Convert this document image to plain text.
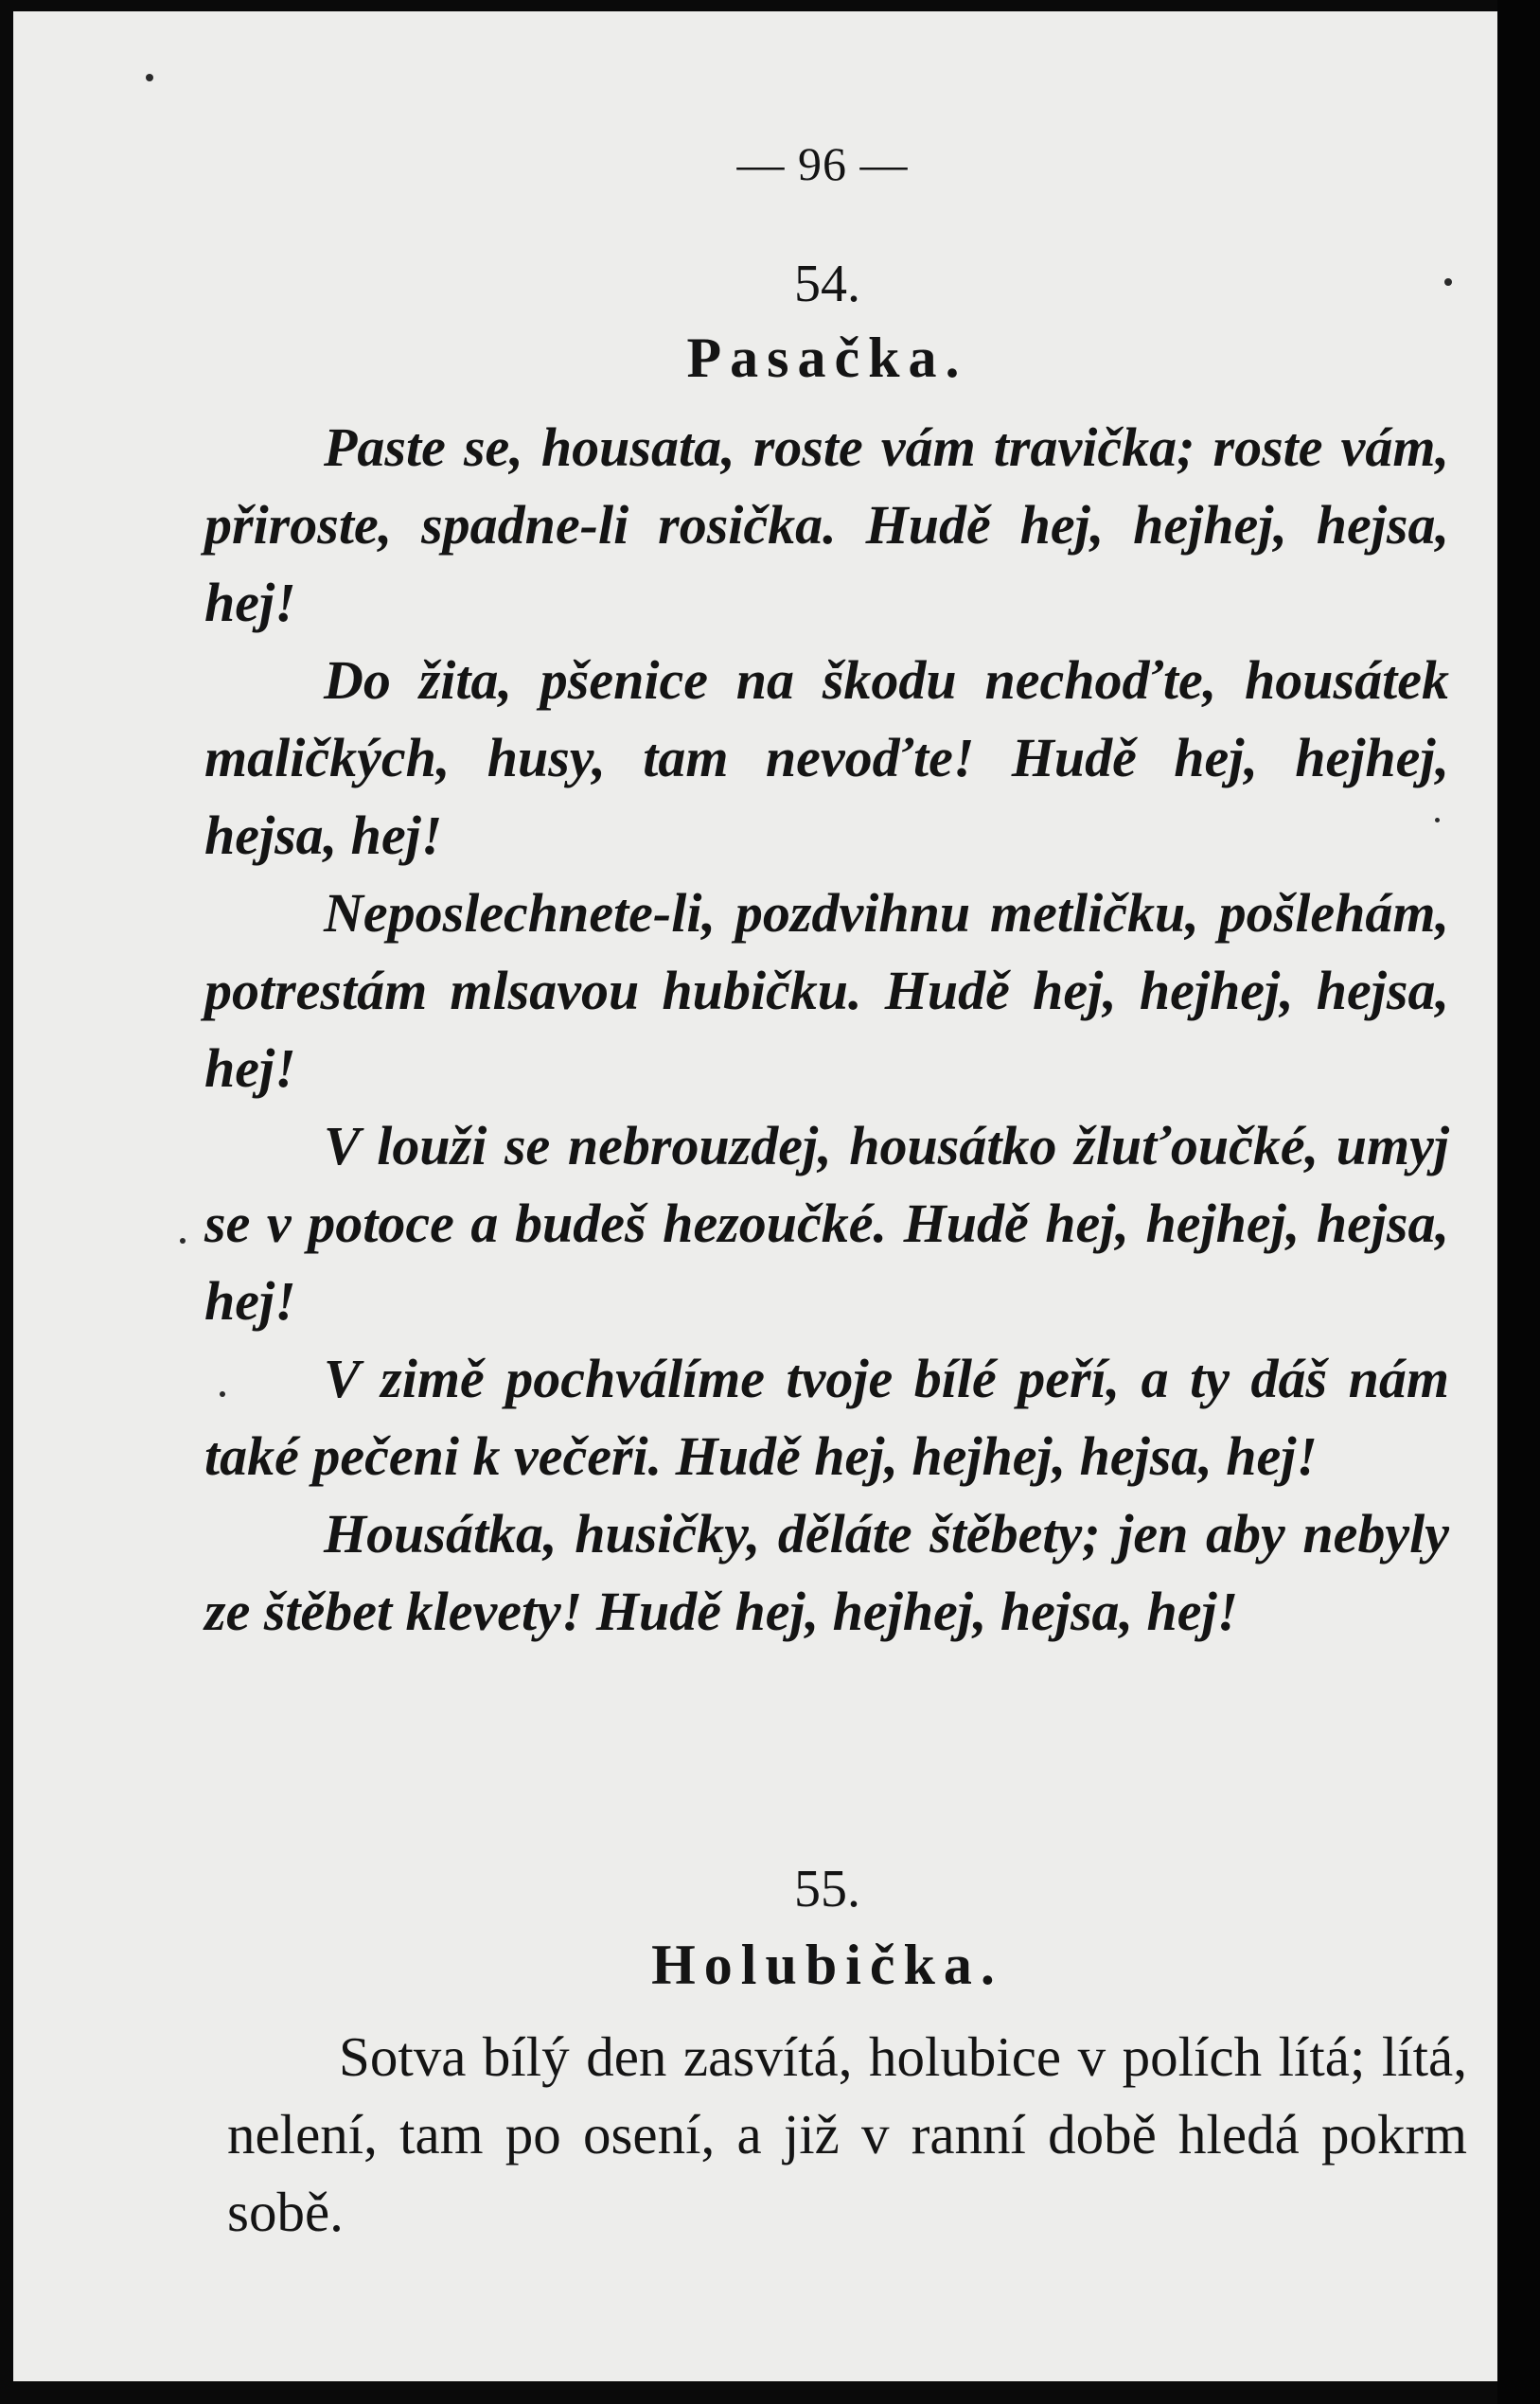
— 96 —
54.
Pasačka.

Paste se, housata, roste vám travička; roste vám, přiroste, spadne-li rosička. Hudě hej, hejhej, hejsa, hej!

Do žita, pšenice na škodu nechoďte, housátek maličkých, husy, tam nevoďte! Hudě hej, hejhej, hejsa, hej!

Neposlechnete-li, pozdvihnu metličku, pošlehám, potrestám mlsavou hubičku. Hudě hej, hejhej, hejsa, hej!

V louži se nebrouzdej, housátko žluťoučké, umyj se v potoce a budeš hezoučké. Hudě hej, hejhej, hejsa, hej!

V zimě pochválíme tvoje bílé peří, a ty dáš nám také pečeni k večeři. Hudě hej, hejhej, hejsa, hej!

Housátka, husičky, děláte štěbety; jen aby nebyly ze štěbet klevety! Hudě hej, hejhej, hejsa, hej!

55.
Holubička.

Sotva bílý den zasvítá, holubice v polích lítá; lítá, nelení, tam po osení, a již v ranní době hledá pokrm sobě.
